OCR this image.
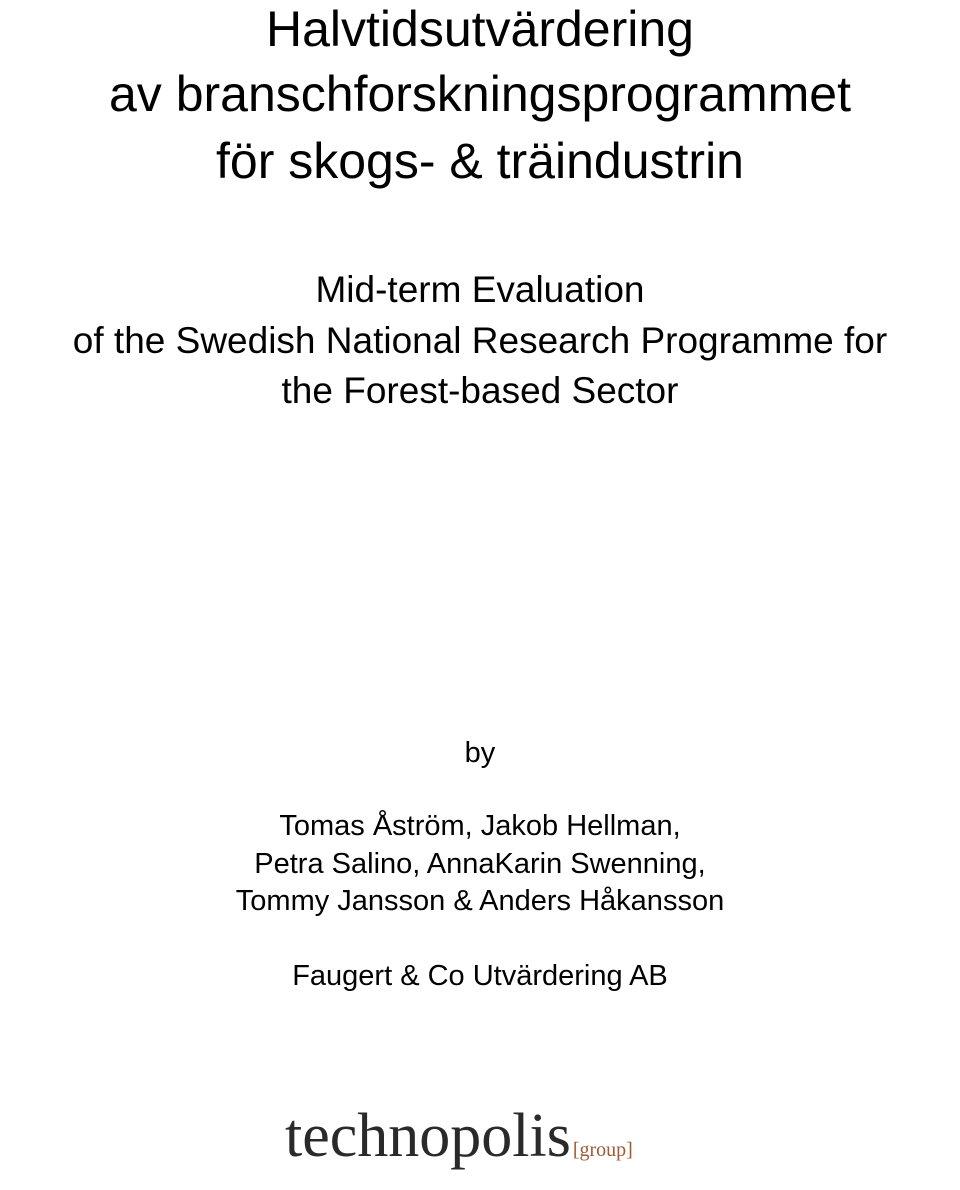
Halvtidsutvärdering
av branschforskningsprogrammet
för skogs- & träindustrin
Mid-term Evaluation
of the Swedish National Research Programme for
the Forest-based Sector
by
Tomas Åström, Jakob Hellman,
Petra Salino, AnnaKarin Swenning,
Tommy Jansson & Anders Håkansson
Faugert & Co Utvärdering AB
technopolis [group]
